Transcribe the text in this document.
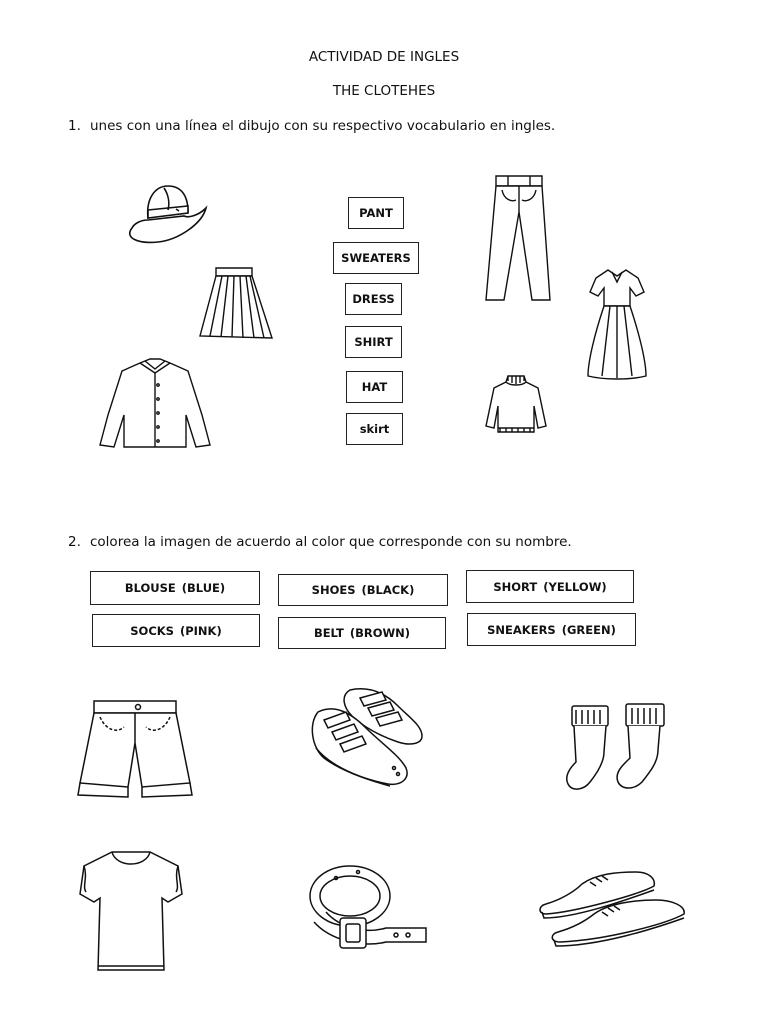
ACTIVIDAD DE INGLES
THE CLOTEHES
1. unes con una línea el dibujo con su respectivo vocabulario en ingles.
PANT
SWEATERS
DRESS
SHIRT
HAT
skirt
2. colorea la imagen de acuerdo al color que corresponde con su nombre.
BLOUSE (BLUE)	SHOES (BLACK)	SHORT (YELLOW)
SOCKS (PINK)	BELT (BROWN)	SNEAKERS (GREEN)
